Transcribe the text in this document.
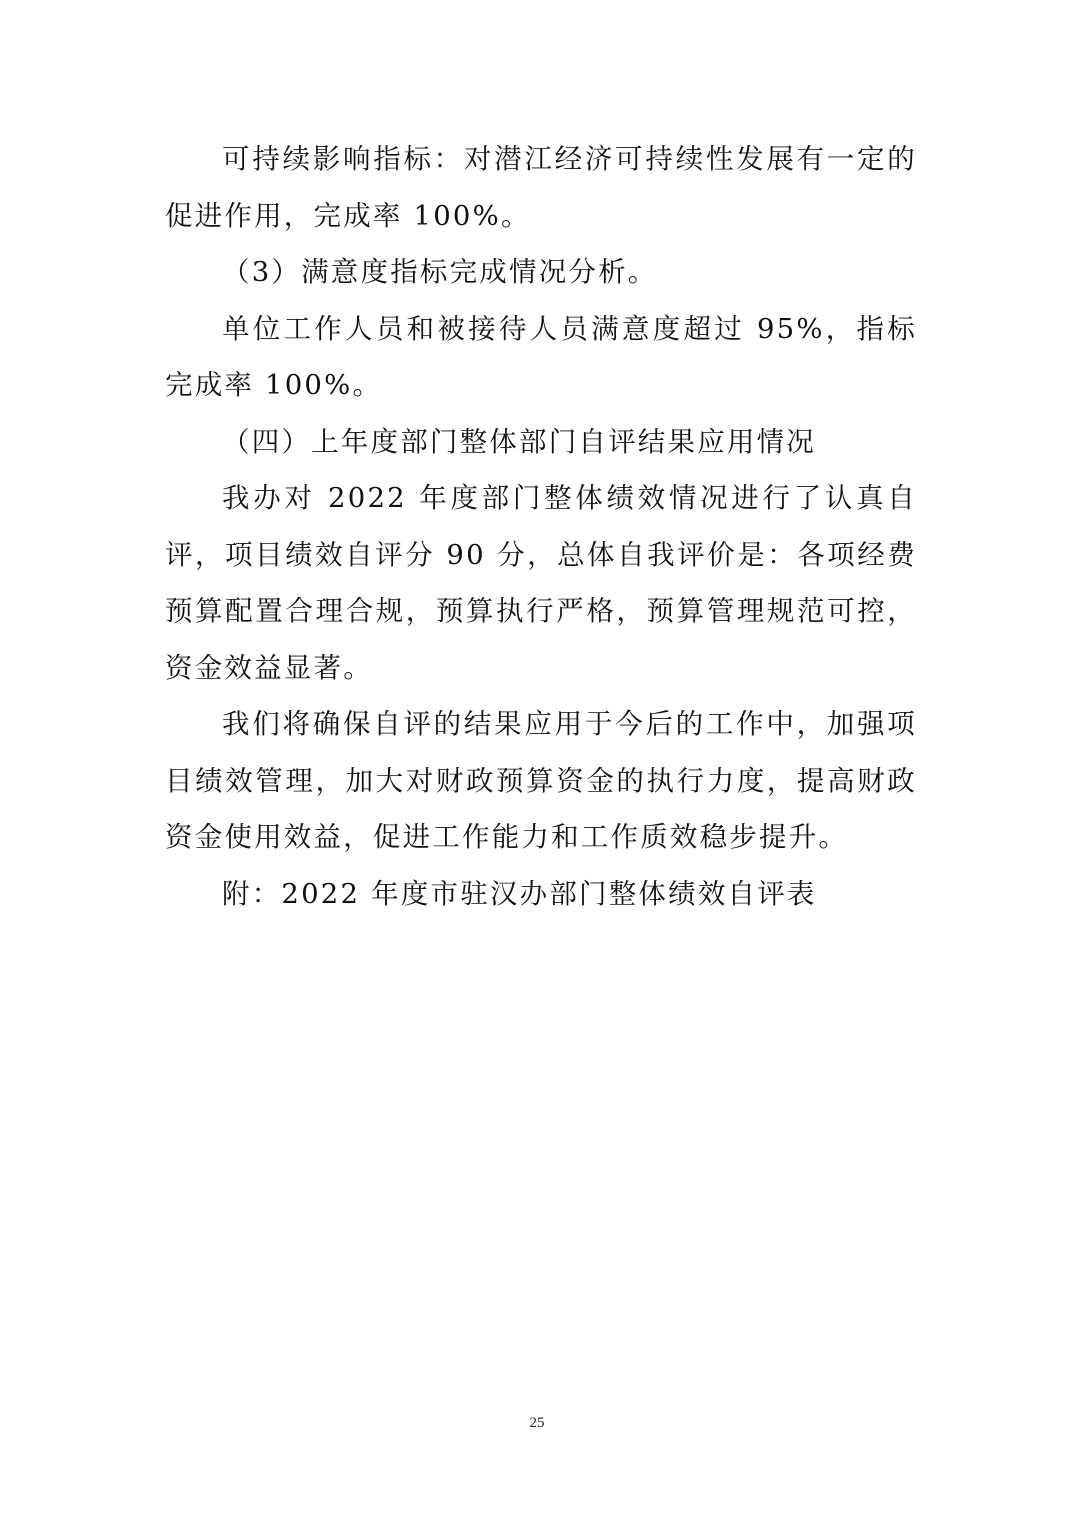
可持续影响指标：对潜江经济可持续性发展有一定的促进作用，完成率 100%。

（3）满意度指标完成情况分析。

单位工作人员和被接待人员满意度超过 95%，指标完成率 100%。

（四）上年度部门整体部门自评结果应用情况

我办对 2022 年度部门整体绩效情况进行了认真自评，项目绩效自评分 90 分，总体自我评价是：各项经费预算配置合理合规，预算执行严格，预算管理规范可控，资金效益显著。

我们将确保自评的结果应用于今后的工作中，加强项目绩效管理，加大对财政预算资金的执行力度，提高财政资金使用效益，促进工作能力和工作质效稳步提升。

附：2022 年度市驻汉办部门整体绩效自评表

25
